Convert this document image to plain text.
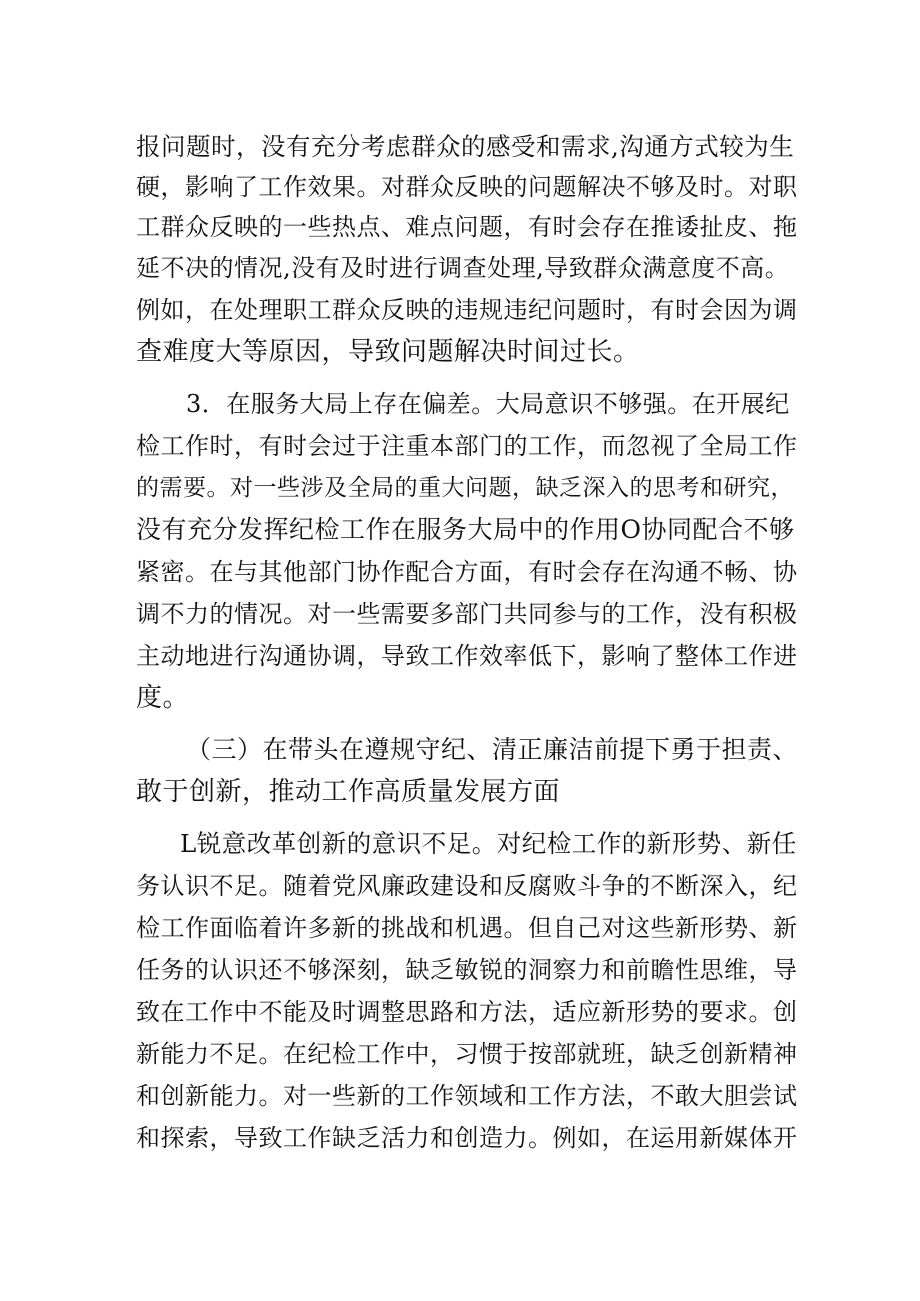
报问题时，没有充分考虑群众的感受和需求,沟通方式较为生
硬，影响了工作效果。对群众反映的问题解决不够及时。对职
工群众反映的一些热点、难点问题，有时会存在推诿扯皮、拖
延不决的情况,没有及时进行调查处理,导致群众满意度不高。
例如，在处理职工群众反映的违规违纪问题时，有时会因为调
查难度大等原因，导致问题解决时间过长。
3．在服务大局上存在偏差。大局意识不够强。在开展纪
检工作时，有时会过于注重本部门的工作，而忽视了全局工作
的需要。对一些涉及全局的重大问题，缺乏深入的思考和研究，
没有充分发挥纪检工作在服务大局中的作用O协同配合不够
紧密。在与其他部门协作配合方面，有时会存在沟通不畅、协
调不力的情况。对一些需要多部门共同参与的工作，没有积极
主动地进行沟通协调，导致工作效率低下，影响了整体工作进
度。
（三）在带头在遵规守纪、清正廉洁前提下勇于担责、
敢于创新，推动工作高质量发展方面
L锐意改革创新的意识不足。对纪检工作的新形势、新任
务认识不足。随着党风廉政建设和反腐败斗争的不断深入，纪
检工作面临着许多新的挑战和机遇。但自己对这些新形势、新
任务的认识还不够深刻，缺乏敏锐的洞察力和前瞻性思维，导
致在工作中不能及时调整思路和方法，适应新形势的要求。创
新能力不足。在纪检工作中，习惯于按部就班，缺乏创新精神
和创新能力。对一些新的工作领域和工作方法，不敢大胆尝试
和探索，导致工作缺乏活力和创造力。例如，在运用新媒体开
